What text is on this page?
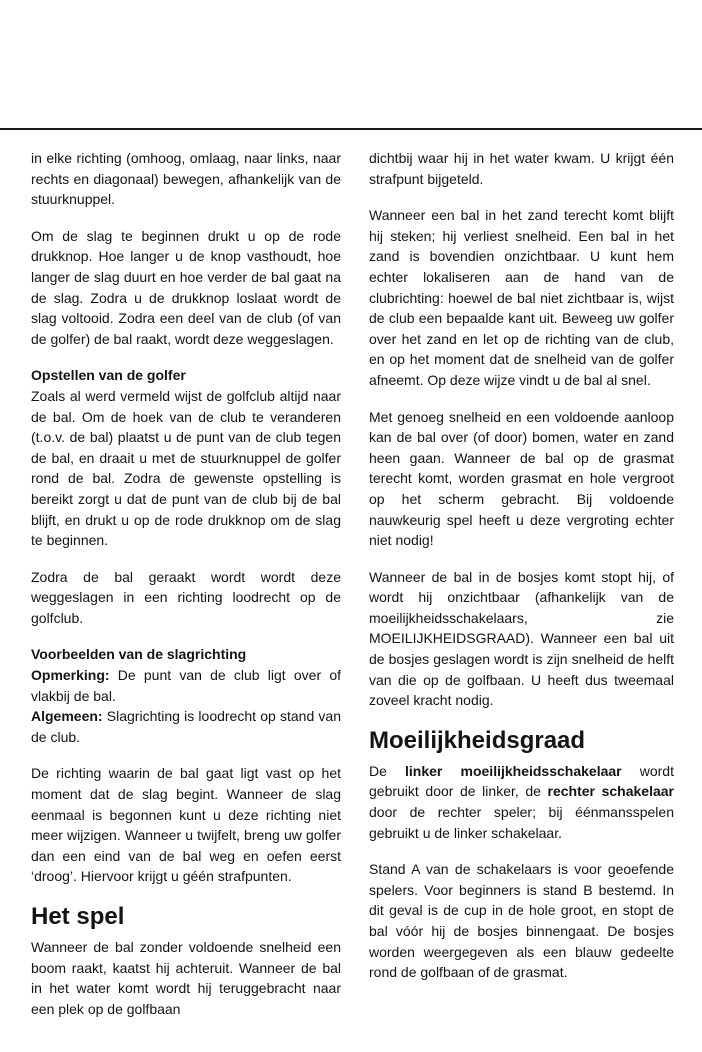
in elke richting (omhoog, omlaag, naar links, naar rechts en diagonaal) bewegen, afhankelijk van de stuurknuppel.

Om de slag te beginnen drukt u op de rode drukknop. Hoe langer u de knop vasthoudt, hoe langer de slag duurt en hoe verder de bal gaat na de slag. Zodra u de drukknop loslaat wordt de slag voltooid. Zodra een deel van de club (of van de golfer) de bal raakt, wordt deze weggeslagen.

Opstellen van de golfer

Zoals al werd vermeld wijst de golfclub altijd naar de bal. Om de hoek van de club te veranderen (t.o.v. de bal) plaatst u de punt van de club tegen de bal, en draait u met de stuurknuppel de golfer rond de bal. Zodra de gewenste opstelling is bereikt zorgt u dat de punt van de club bij de bal blijft, en drukt u op de rode drukknop om de slag te beginnen.

Zodra de bal geraakt wordt wordt deze weggeslagen in een richting loodrecht op de golfclub.

Voorbeelden van de slagrichting

Opmerking: De punt van de club ligt over of vlakbij de bal.

Algemeen: Slagrichting is loodrecht op stand van de club.

De richting waarin de bal gaat ligt vast op het moment dat de slag begint. Wanneer de slag eenmaal is begonnen kunt u deze richting niet meer wijzigen. Wanneer u twijfelt, breng uw golfer dan een eind van de bal weg en oefen eerst ‘droog’. Hiervoor krijgt u géén strafpunten.

Het spel

Wanneer de bal zonder voldoende snelheid een boom raakt, kaatst hij achteruit. Wanneer de bal in het water komt wordt hij teruggebracht naar een plek op de golfbaan

dichtbij waar hij in het water kwam. U krijgt één strafpunt bijgeteld.

Wanneer een bal in het zand terecht komt blijft hij steken; hij verliest snelheid. Een bal in het zand is bovendien onzichtbaar. U kunt hem echter lokaliseren aan de hand van de clubrichting: hoewel de bal niet zichtbaar is, wijst de club een bepaalde kant uit. Beweeg uw golfer over het zand en let op de richting van de club, en op het moment dat de snelheid van de golfer afneemt. Op deze wijze vindt u de bal al snel.

Met genoeg snelheid en een voldoende aanloop kan de bal over (of door) bomen, water en zand heen gaan. Wanneer de bal op de grasmat terecht komt, worden grasmat en hole vergroot op het scherm gebracht. Bij voldoende nauwkeurig spel heeft u deze vergroting echter niet nodig!

Wanneer de bal in de bosjes komt stopt hij, of wordt hij onzichtbaar (afhankelijk van de moeilijkheidsschakelaars, zie MOEILIJKHEIDSGRAAD). Wanneer een bal uit de bosjes geslagen wordt is zijn snelheid de helft van die op de golfbaan. U heeft dus tweemaal zoveel kracht nodig.

Moeilijkheidsgraad

De linker moeilijkheidsschakelaar wordt gebruikt door de linker, de rechter schakelaar door de rechter speler; bij éénmansspelen gebruikt u de linker schakelaar.

Stand A van de schakelaars is voor geoefende spelers. Voor beginners is stand B bestemd. In dit geval is de cup in de hole groot, en stopt de bal vóór hij de bosjes binnengaat. De bosjes worden weergegeven als een blauw gedeelte rond de golfbaan of de grasmat.
